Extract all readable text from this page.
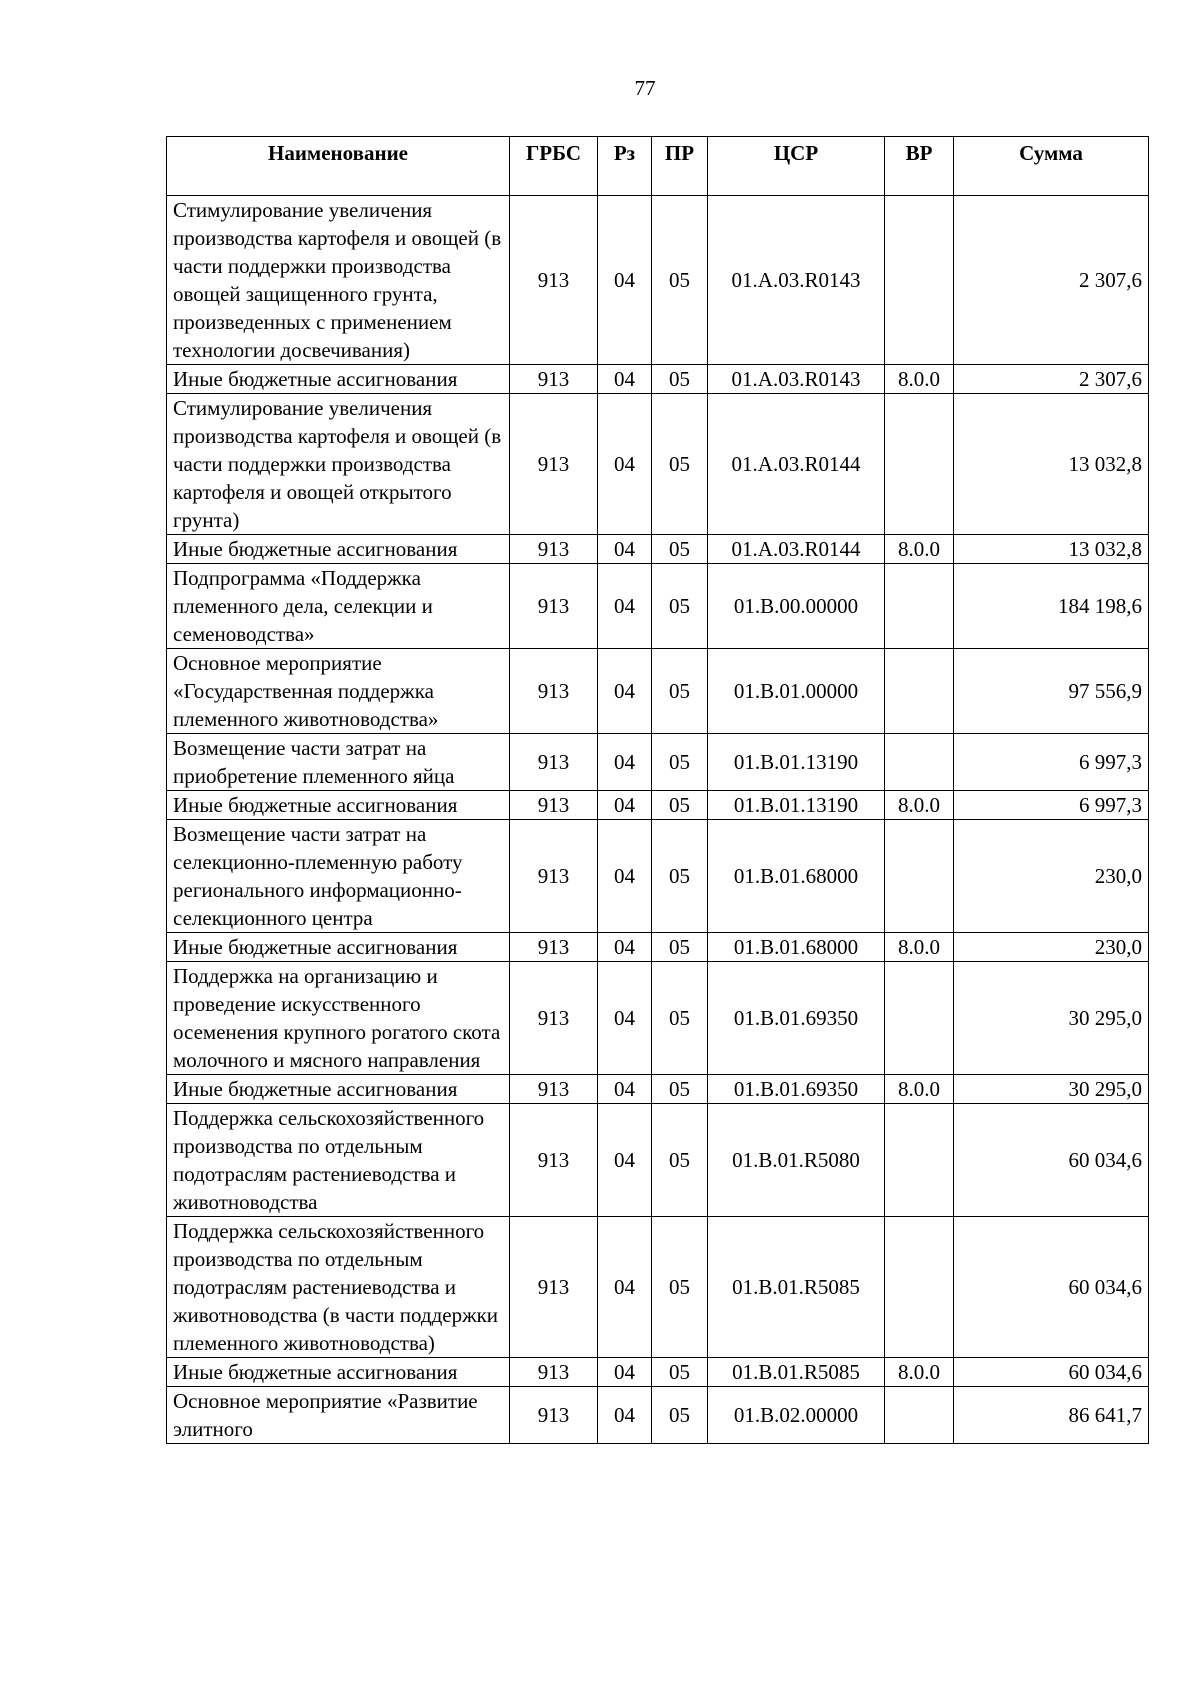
77
Наименование	ГРБС	Рз	ПР	ЦСР	ВР	Сумма
Стимулирование увеличения производства картофеля и овощей (в части поддержки производства овощей защищенного грунта, произведенных с применением технологии досвечивания)	913	04	05	01.А.03.R0143		2 307,6
Иные бюджетные ассигнования	913	04	05	01.А.03.R0143	8.0.0	2 307,6
Стимулирование увеличения производства картофеля и овощей (в части поддержки производства картофеля и овощей открытого грунта)	913	04	05	01.А.03.R0144		13 032,8
Иные бюджетные ассигнования	913	04	05	01.А.03.R0144	8.0.0	13 032,8
Подпрограмма «Поддержка племенного дела, селекции и семеноводства»	913	04	05	01.В.00.00000		184 198,6
Основное мероприятие «Государственная поддержка племенного животноводства»	913	04	05	01.В.01.00000		97 556,9
Возмещение части затрат на приобретение племенного яйца	913	04	05	01.В.01.13190		6 997,3
Иные бюджетные ассигнования	913	04	05	01.В.01.13190	8.0.0	6 997,3
Возмещение части затрат на селекционно-племенную работу регионального информационно-селекционного центра	913	04	05	01.В.01.68000		230,0
Иные бюджетные ассигнования	913	04	05	01.В.01.68000	8.0.0	230,0
Поддержка на организацию и проведение искусственного осеменения крупного рогатого скота молочного и мясного направления	913	04	05	01.В.01.69350		30 295,0
Иные бюджетные ассигнования	913	04	05	01.В.01.69350	8.0.0	30 295,0
Поддержка сельскохозяйственного производства по отдельным подотраслям растениеводства и животноводства	913	04	05	01.В.01.R5080		60 034,6
Поддержка сельскохозяйственного производства по отдельным подотраслям растениеводства и животноводства (в части поддержки племенного животноводства)	913	04	05	01.В.01.R5085		60 034,6
Иные бюджетные ассигнования	913	04	05	01.В.01.R5085	8.0.0	60 034,6
Основное мероприятие «Развитие элитного	913	04	05	01.В.02.00000		86 641,7
